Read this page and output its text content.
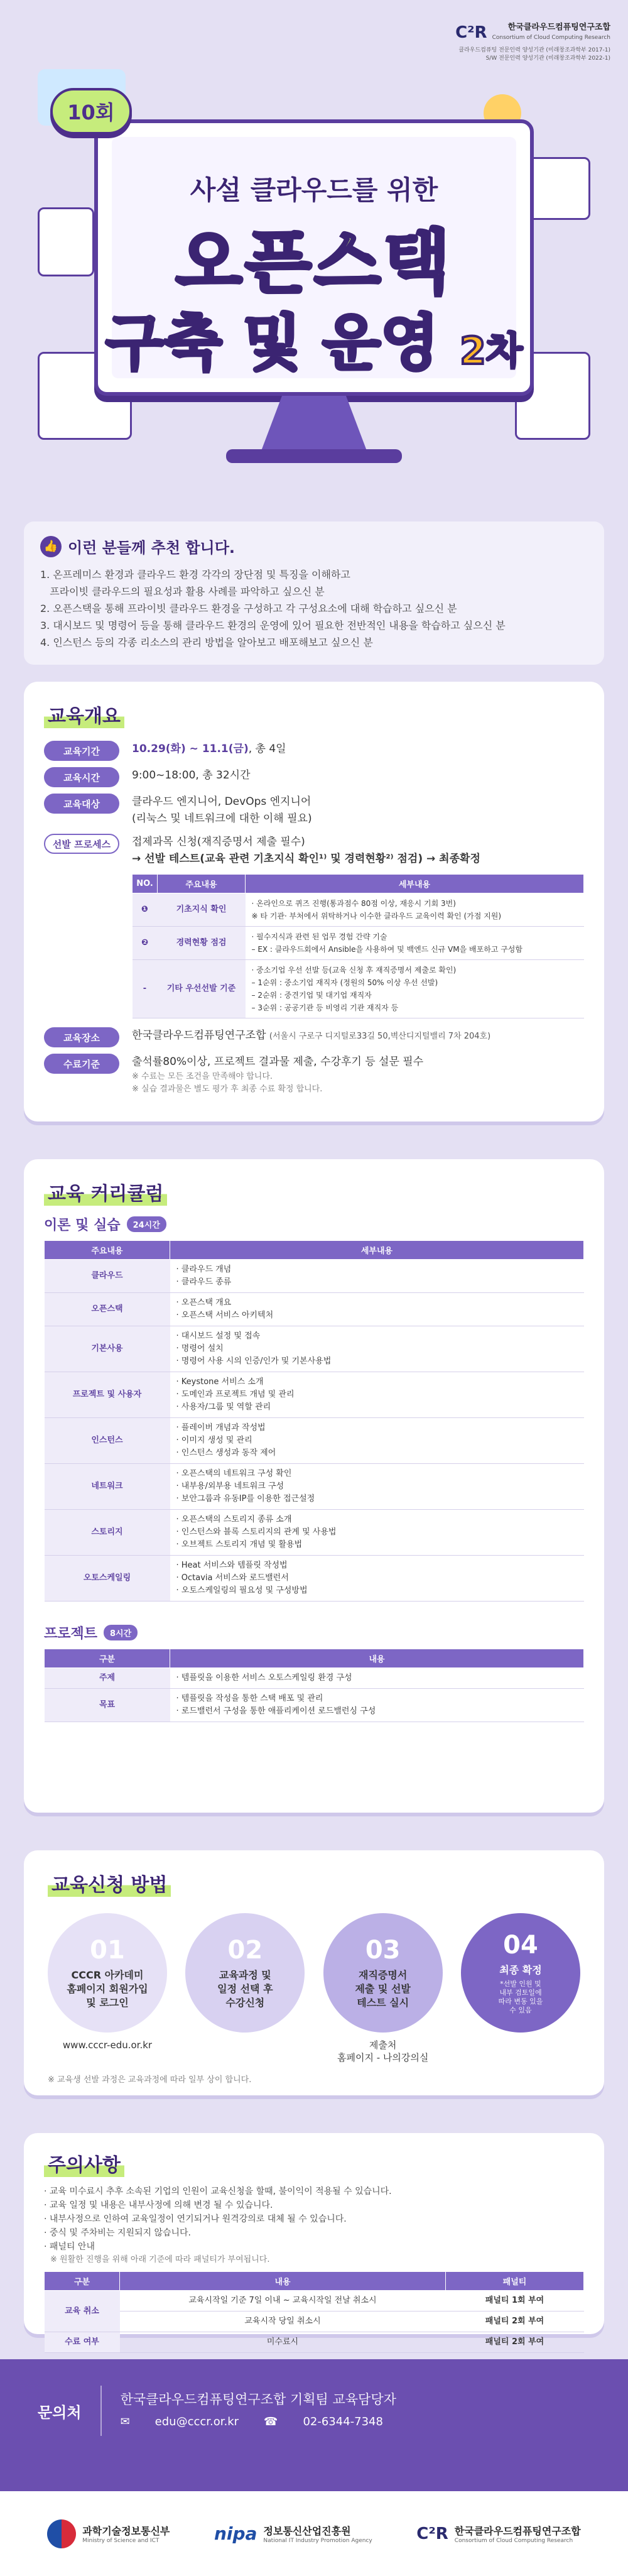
C²R	한국클라우드컴퓨팅연구조합
Consortium of Cloud Computing Research
클라우드컴퓨팅 전문인력 양성기관 (미래창조과학부 2017-1)
S/W 전문인력 양성기관 (미래창조과학부 2022-1)
10회
사설 클라우드를 위한
오픈스택
구축 및 운영 2차
👍 이런 분들께 추천 합니다.
1. 온프레미스 환경과 클라우드 환경 각각의 장단점 및 특징을 이해하고
프라이빗 클라우드의 필요성과 활용 사례를 파악하고 싶으신 분
2. 오픈스택을 통해 프라이빗 클라우드 환경을 구성하고 각 구성요소에 대해 학습하고 싶으신 분
3. 대시보드 및 명령어 등을 통해 클라우드 환경의 운영에 있어 필요한 전반적인 내용을 학습하고 싶으신 분
4. 인스턴스 등의 각종 리소스의 관리 방법을 알아보고 배포해보고 싶으신 분
교육개요
교육기간	10.29(화) ~ 11.1(금), 총 4일
교육시간	9:00~18:00, 총 32시간
교육대상	클라우드 엔지니어, DevOps 엔지니어
(리눅스 및 네트워크에 대한 이해 필요)
선발 프로세스	접제과목 신청(재직증명서 제출 필수)
→ 선발 테스트(교육 관련 기초지식 확인¹⁾ 및 경력현황²⁾ 점검) → 최종확정
NO.	주요내용	세부내용
❶	기초지식 확인	· 온라인으로 퀴즈 진행(통과점수 80점 이상, 재응시 기회 3번)
※ 타 기관· 부처에서 위탁하거나 이수한 클라우드 교육이력 확인 (가점 지원)
❷	경력현황 점검	· 필수지식과 관련 된 업무 경험 간략 기술
– EX : 클라우드회에서 Ansible을 사용하여 및 백엔드 신규 VM을 배포하고 구성함
-	기타 우선선발 기준	· 중소기업 우선 선발 등(교육 신청 후 재직증명서 제출로 확인)
– 1순위 : 중소기업 재직자 (정원의 50% 이상 우선 선발)
– 2순위 : 중견기업 및 대기업 재직자
– 3순위 : 공공기관 등 비영리 기관 재직자 등
교육장소	한국클라우드컴퓨팅연구조합 (서울시 구로구 디지털로33길 50,벽산디지털밸리 7차 204호)
수료기준	출석률80%이상, 프로젝트 결과물 제출, 수강후기 등 설문 필수
※ 수료는 모든 조건을 만족해야 합니다.
※ 실습 결과물은 별도 평가 후 최종 수료 확정 합니다.
교육 커리큘럼
이론 및 실습	24시간
주요내용	세부내용
클라우드	· 클라우드 개념
· 클라우드 종류
오픈스택	· 오픈스택 개요
· 오픈스택 서비스 아키텍처
기본사용	· 대시보드 설정 및 접속
· 명령어 설치
· 명령어 사용 시의 인증/인가 및 기본사용법
프로젝트 및 사용자	· Keystone 서비스 소개
· 도메인과 프로젝트 개념 및 관리
· 사용자/그룹 및 역할 관리
인스턴스	· 플레이버 개념과 작성법
· 이미지 생성 및 관리
· 인스턴스 생성과 동작 제어
네트워크	· 오픈스택의 네트워크 구성 확인
· 내부용/외부용 네트워크 구성
· 보안그룹과 유동IP를 이용한 접근설정
스토리지	· 오픈스택의 스토리지 종류 소개
· 인스턴스와 블록 스토리지의 관계 및 사용법
· 오브젝트 스토리지 개념 및 활용법
오토스케일링	· Heat 서비스와 템플릿 작성법
· Octavia 서비스와 로드밸런서
· 오토스케일링의 필요성 및 구성방법
프로젝트	8시간
구분	내용
주제	· 템플릿을 이용한 서비스 오토스케일링 환경 구성
목표	· 템플릿을 작성을 통한 스택 배포 및 관리
· 로드밸런서 구성을 통한 애플리케이션 로드밸런싱 구성
교육신청 방법
01
CCCR 아카데미
홈페이지 회원가입
및 로그인
www.cccr-edu.or.kr
02
교육과정 및
일정 선택 후
수강신청
03
재직증명서
제출 및 선발
테스트 실시
제출처
홈페이지 - 나의강의실
04
최종 확정
*선발 인원 및
내부 검토일에
따라 변동 있을
수 있음
※ 교육생 선발 과정은 교육과정에 따라 일부 상이 합니다.
주의사항
· 교육 미수료시 추후 소속된 기업의 인원이 교육신청을 할때, 불이익이 적용될 수 있습니다.
· 교육 일정 및 내용은 내부사정에 의해 변경 될 수 있습니다.
· 내부사정으로 인하여 교육일정이 연기되거나 원격강의로 대체 될 수 있습니다.
· 중식 및 주차비는 지원되지 않습니다.
· 패널티 안내
※ 원활한 진행을 위해 아래 기준에 따라 패널티가 부여됩니다.
구분	내용	패널티
교육 취소	교육시작일 기준 7일 이내 ~ 교육시작일 전날 취소시	패널티 1회 부여
	교육시작 당일 취소시	패널티 2회 부여
수료 여부	미수료시	패널티 2회 부여
문의처
한국클라우드컴퓨팅연구조합 기획팀 교육담당자
✉ edu@cccr.or.kr ☎ 02-6344-7348
과학기술정보통신부
Ministry of Science and ICT	nipa 정보통신산업진흥원
National IT Industry Promotion Agency	C²R 한국클라우드컴퓨팅연구조합
Consortium of Cloud Computing Research
